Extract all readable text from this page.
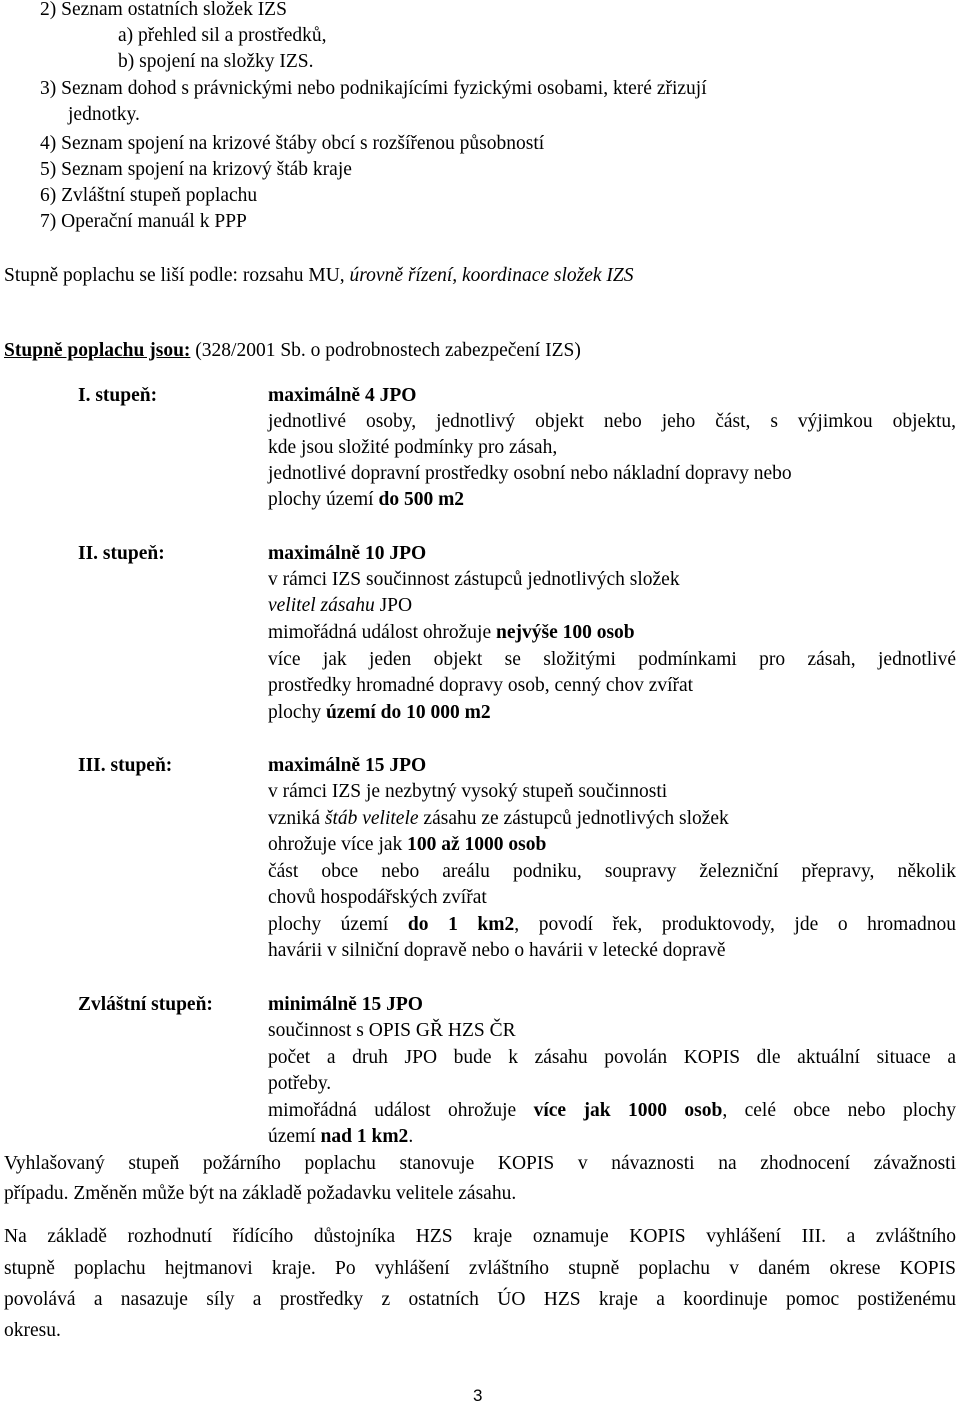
2) Seznam ostatních složek IZS
a) přehled sil a prostředků,
b) spojení na složky IZS.
3) Seznam dohod s právnickými nebo podnikajícími fyzickými osobami, které zřizují
jednotky.
4) Seznam spojení na krizové štáby obcí s rozšířenou působností
5) Seznam spojení na krizový štáb kraje
6) Zvláštní stupeň poplachu
7) Operační manuál k PPP
Stupně poplachu se liší podle: rozsahu MU, úrovně řízení, koordinace složek IZS
Stupně poplachu jsou: (328/2001 Sb. o podrobnostech zabezpečení IZS)
I. stupeň:	maximálně 4 JPO
jednotlivé osoby, jednotlivý objekt nebo jeho část, s výjimkou objektu,
kde jsou složité podmínky pro zásah,
jednotlivé dopravní prostředky osobní nebo nákladní dopravy nebo
plochy území do 500 m2
II. stupeň:	maximálně 10 JPO
v rámci IZS součinnost zástupců jednotlivých složek
velitel zásahu JPO
mimořádná událost ohrožuje nejvýše 100 osob
více jak jeden objekt se složitými podmínkami pro zásah, jednotlivé
prostředky hromadné dopravy osob, cenný chov zvířat
plochy území do 10 000 m2
III. stupeň:	maximálně 15 JPO
v rámci IZS je nezbytný vysoký stupeň součinnosti
vzniká štáb velitele zásahu ze zástupců jednotlivých složek
ohrožuje více jak 100 až 1000 osob
část obce nebo areálu podniku, soupravy železniční přepravy, několik
chovů hospodářských zvířat
plochy území do 1 km2, povodí řek, produktovody, jde o hromadnou
havárii v silniční dopravě nebo o havárii v letecké dopravě
Zvláštní stupeň:	minimálně 15 JPO
součinnost s OPIS GŘ HZS ČR
počet a druh JPO bude k zásahu povolán KOPIS dle aktuální situace a
potřeby.
mimořádná událost ohrožuje více jak 1000 osob, celé obce nebo plochy
území nad 1 km2.
Vyhlašovaný stupeň požárního poplachu stanovuje KOPIS v návaznosti na zhodnocení závažnosti
případu. Změněn může být na základě požadavku velitele zásahu.
Na základě rozhodnutí řídícího důstojníka HZS kraje oznamuje KOPIS vyhlášení III. a zvláštního
stupně poplachu hejtmanovi kraje. Po vyhlášení zvláštního stupně poplachu v daném okrese KOPIS
povolává a nasazuje síly a prostředky z ostatních ÚO HZS kraje a koordinuje pomoc postiženému
okresu.
3
